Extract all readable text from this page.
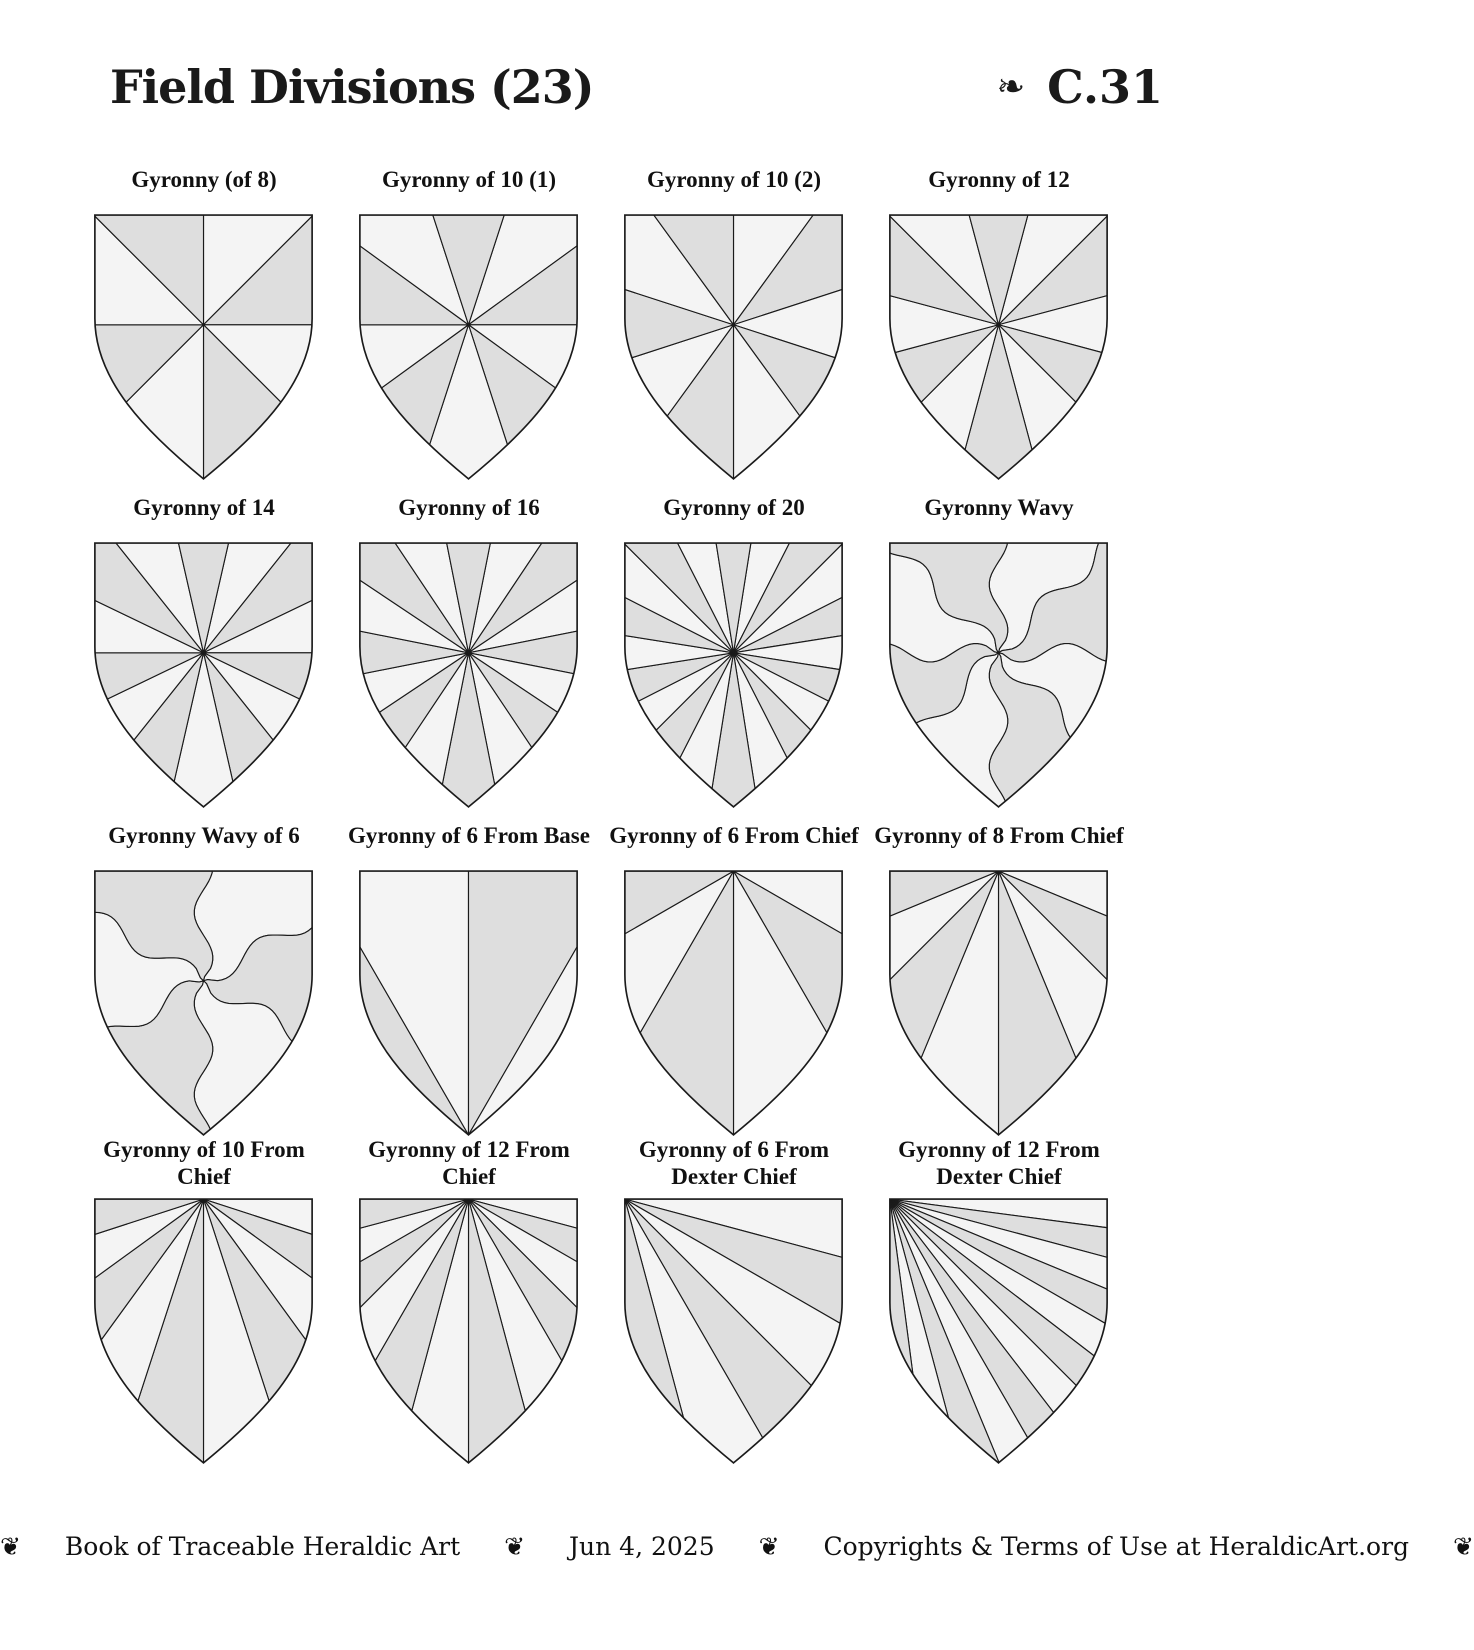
Field Divisions (23)	❧ C.31
Gyronny (of 8)	Gyronny of 10 (1)	Gyronny of 10 (2)	Gyronny of 12
Gyronny of 14	Gyronny of 16	Gyronny of 20	Gyronny Wavy
Gyronny Wavy of 6	Gyronny of 6 From Base Gyronny of 6 From Chief Gyronny of 8 From Chief
Gyronny of 10 From Chief
Gyronny of 12 From Chief
Gyronny of 6 From Dexter Chief
Gyronny of 12 From Dexter Chief
❦ Book of Traceable Heraldic Art ❦ Jun 4, 2025 ❦ Copyrights & Terms of Use at HeraldicArt.org ❦
